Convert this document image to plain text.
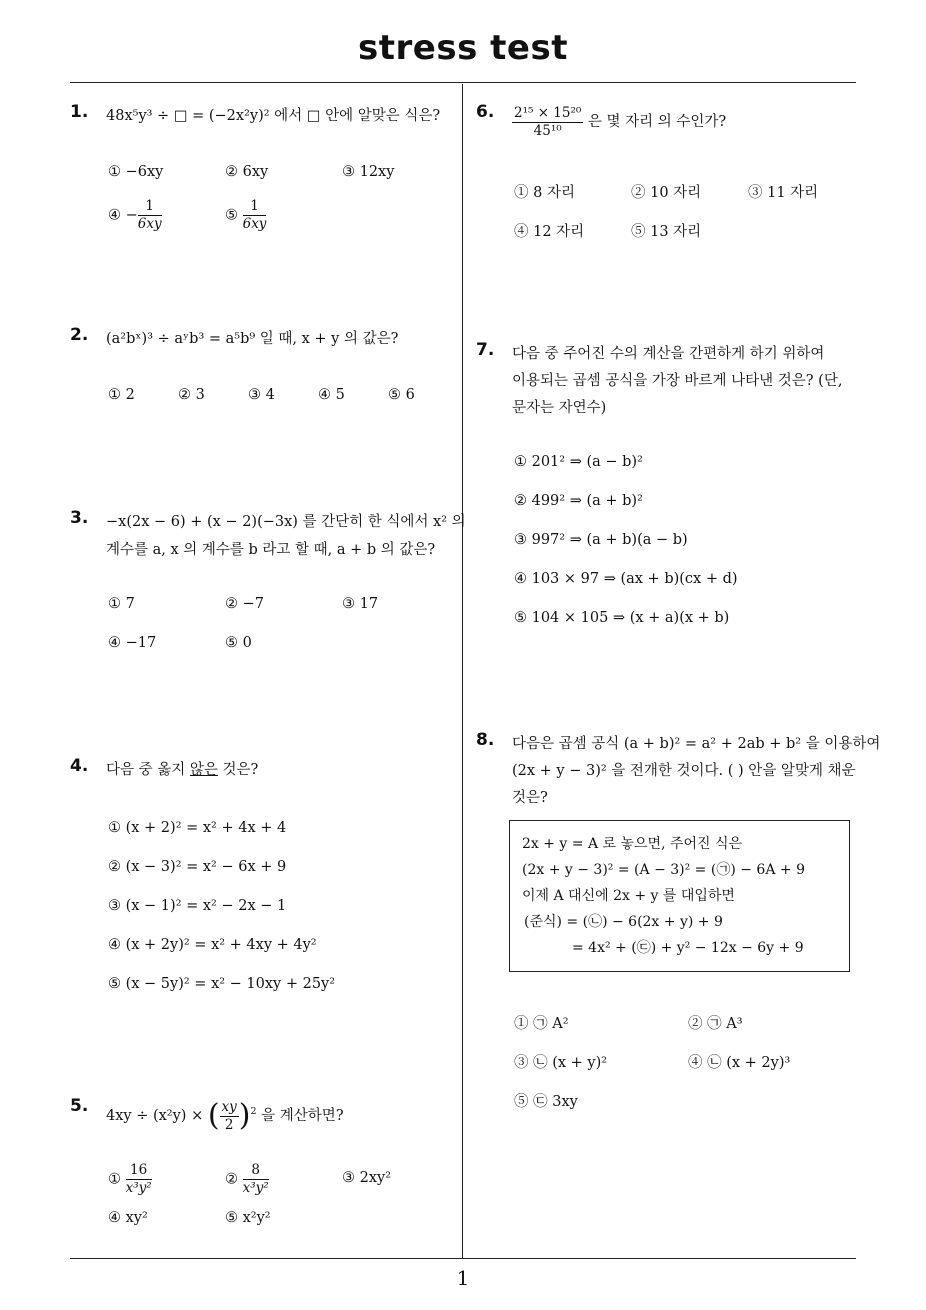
stress test
1
1. 48x⁵y³ ÷ □ = (−2x²y)² 에서 □ 안에 알맞은 식은?
① −6xy	② 6xy	③ 12xy
④ − $\frac{1}{6xy}$	⑤ $\frac{1}{6xy}$
2. (a²bˣ)³ ÷ aʸb³ = a⁵b⁹ 일 때, x + y 의 값은?
① 2	② 3	③ 4	④ 5	⑤ 6
3. −x(2x − 6) + (x − 2)(−3x) 를 간단히 한 식에서 x² 의
계수를 a, x 의 계수를 b 라고 할 때, a + b 의 값은?
① 7	② −7	③ 17
④ −17	⑤ 0
4. 다음 중 옳지 않은 것은?
① (x + 2)² = x² + 4x + 4
② (x − 3)² = x² − 6x + 9
③ (x − 1)² = x² − 2x − 1
④ (x + 2y)² = x² + 4xy + 4y²
⑤ (x − 5y)² = x² − 10xy + 25y²
5. 4xy ÷ (x²y) × ( $\frac{xy}{2} )^2$ 을 계산하면?
① $\frac{16}{\text{x³y²}}$	② $\frac{8}{\text{x³y²}}$	③ 2xy²
④ xy²	⑤ x²y²
6. $\frac{\text{2¹⁵ × 15²⁰}}{\text{45¹⁰}}$ 은 몇 자리 의 수인가?
① 8 자리	② 10 자리	③ 11 자리
④ 12 자리	⑤ 13 자리
7. 다음 중 주어진 수의 계산을 간편하게 하기 위하여
이용되는 곱셈 공식을 가장 바르게 나타낸 것은? (단,
문자는 자연수)
① 201² ⇒ (a − b)²
② 499² ⇒ (a + b)²
③ 997² ⇒ (a + b)(a − b)
④ 103 × 97 ⇒ (ax + b)(cx + d)
⑤ 104 × 105 ⇒ (x + a)(x + b)
8. 다음은 곱셈 공식 (a + b)² = a² + 2ab + b² 을 이용하여
(2x + y − 3)² 을 전개한 것이다. ( ) 안을 알맞게 채운
것은?
① ㉠ A²	② ㉠ A³
③ ㉡ (x + y)²	④ ㉡ (x + 2y)³
⑤ ㉢ 3xy
2x + y = A 로 놓으면, 주어진 식은
(2x + y − 3)² = (A − 3)² = (㉠) − 6A + 9
이제 A 대신에 2x + y 를 대입하면
(준식) = (㉡) − 6(2x + y) + 9
= 4x² + (㉢) + y² − 12x − 6y + 9
